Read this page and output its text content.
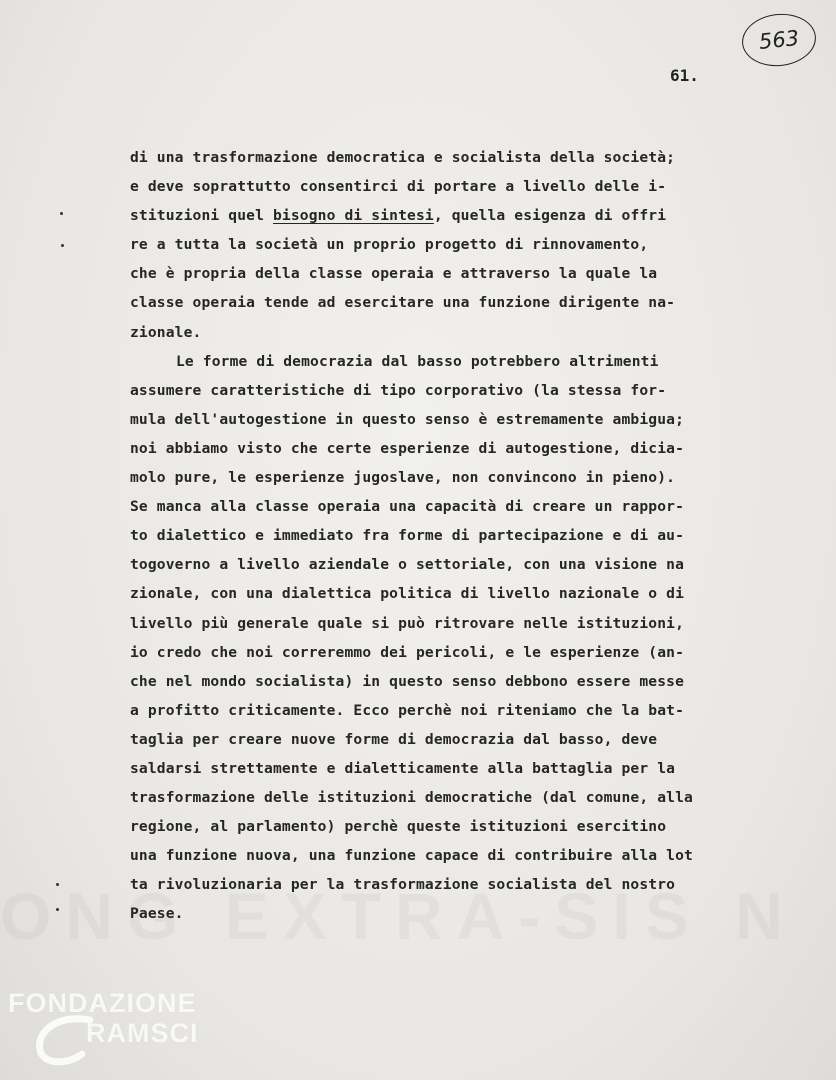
563
61.
di una trasformazione democratica e socialista della società;
e deve soprattutto consentirci di portare a livello delle i-
stituzioni quel bisogno di sintesi, quella esigenza di offri
re a tutta la società un proprio progetto di rinnovamento,
che è propria della classe operaia e attraverso la quale la
classe operaia tende ad esercitare una funzione dirigente na-
zionale.
Le forme di democrazia dal basso potrebbero altrimenti
assumere caratteristiche di tipo corporativo (la stessa for-
mula dell'autogestione in questo senso è estremamente ambigua;
noi abbiamo visto che certe esperienze di autogestione, dicia-
molo pure, le esperienze jugoslave, non convincono in pieno).
Se manca alla classe operaia una capacità di creare un rappor-
to dialettico e immediato fra forme di partecipazione e di au-
togoverno a livello aziendale o settoriale, con una visione na
zionale, con una dialettica politica di livello nazionale o di
livello più generale quale si può ritrovare nelle istituzioni,
io credo che noi correremmo dei pericoli, e le esperienze (an-
che nel mondo socialista) in questo senso debbono essere messe
a profitto criticamente. Ecco perchè noi riteniamo che la bat-
taglia per creare nuove forme di democrazia dal basso, deve
saldarsi strettamente e dialetticamente alla battaglia per la
trasformazione delle istituzioni democratiche (dal comune, alla
regione, al parlamento) perchè queste istituzioni esercitino
una funzione nuova, una funzione capace di contribuire alla lot
ta rivoluzionaria per la trasformazione socialista del nostro
Paese.
FONDAZIONE
RAMSCI
